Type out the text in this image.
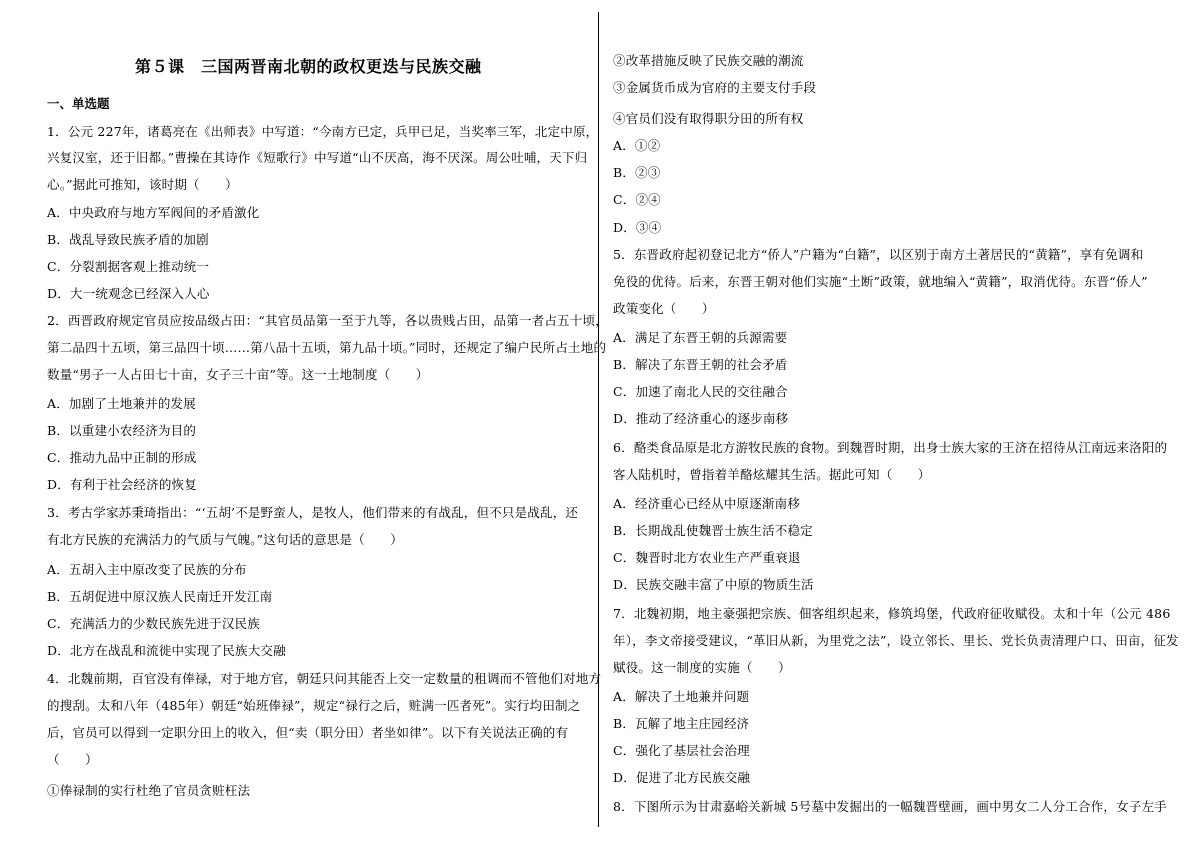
第５课　三国两晋南北朝的政权更迭与民族交融
一、单选题
1．公元 227年，诸葛亮在《出师表》中写道：“今南方已定，兵甲已足，当奖率三军，北定中原，
兴复汉室，还于旧都。”曹操在其诗作《短歌行》中写道“山不厌高，海不厌深。周公吐哺，天下归
心。”据此可推知，该时期（　　）
A．中央政府与地方军阀间的矛盾激化
B．战乱导致民族矛盾的加剧
C．分裂割据客观上推动统一
D．大一统观念已经深入人心
2．西晋政府规定官员应按品级占田：“其官员品第一至于九等，各以贵贱占田，品第一者占五十顷，
第二品四十五顷，第三品四十顷……第八品十五顷，第九品十顷。”同时，还规定了编户民所占土地的
数量“男子一人占田七十亩，女子三十亩”等。这一土地制度（　　）
A．加剧了土地兼并的发展
B．以重建小农经济为目的
C．推动九品中正制的形成
D．有利于社会经济的恢复
3．考古学家苏秉琦指出：“‘五胡’不是野蛮人，是牧人，他们带来的有战乱，但不只是战乱，还
有北方民族的充满活力的气质与气魄。”这句话的意思是（　　）
A．五胡入主中原改变了民族的分布
B．五胡促进中原汉族人民南迁开发江南
C．充满活力的少数民族先进于汉民族
D．北方在战乱和流徙中实现了民族大交融
4．北魏前期，百官没有俸禄，对于地方官，朝廷只问其能否上交一定数量的租调而不管他们对地方
的搜刮。太和八年（485年）朝廷“始班俸禄”，规定“禄行之后，赃满一匹者死”。实行均田制之
后，官员可以得到一定职分田上的收入，但“卖（职分田）者坐如律”。以下有关说法正确的有
（　　）
①俸禄制的实行杜绝了官员贪赃枉法
②改革措施反映了民族交融的潮流
③金属货币成为官府的主要支付手段
④官员们没有取得职分田的所有权
A．①②
B．②③
C．②④
D．③④
5．东晋政府起初登记北方“侨人”户籍为“白籍”，以区别于南方土著居民的“黄籍”，享有免调和
免役的优待。后来，东晋王朝对他们实施“土断”政策，就地编入“黄籍”，取消优待。东晋“侨人”
政策变化（　　）
A．满足了东晋王朝的兵源需要
B．解决了东晋王朝的社会矛盾
C．加速了南北人民的交往融合
D．推动了经济重心的逐步南移
6．酪类食品原是北方游牧民族的食物。到魏晋时期，出身士族大家的王济在招待从江南远来洛阳的
客人陆机时，曾指着羊酪炫耀其生活。据此可知（　　）
A．经济重心已经从中原逐渐南移
B．长期战乱使魏晋士族生活不稳定
C．魏晋时北方农业生产严重衰退
D．民族交融丰富了中原的物质生活
7．北魏初期，地主豪强把宗族、佃客组织起来，修筑坞堡，代政府征收赋役。太和十年（公元 486
年），李文帝接受建议，“革旧从新，为里党之法”，设立邻长、里长、党长负责清理户口、田亩，征发
赋役。这一制度的实施（　　）
A．解决了土地兼并问题
B．瓦解了地主庄园经济
C．强化了基层社会治理
D．促进了北方民族交融
8．下图所示为甘肃嘉峪关新城 5号墓中发掘出的一幅魏晋壁画，画中男女二人分工合作，女子左手
